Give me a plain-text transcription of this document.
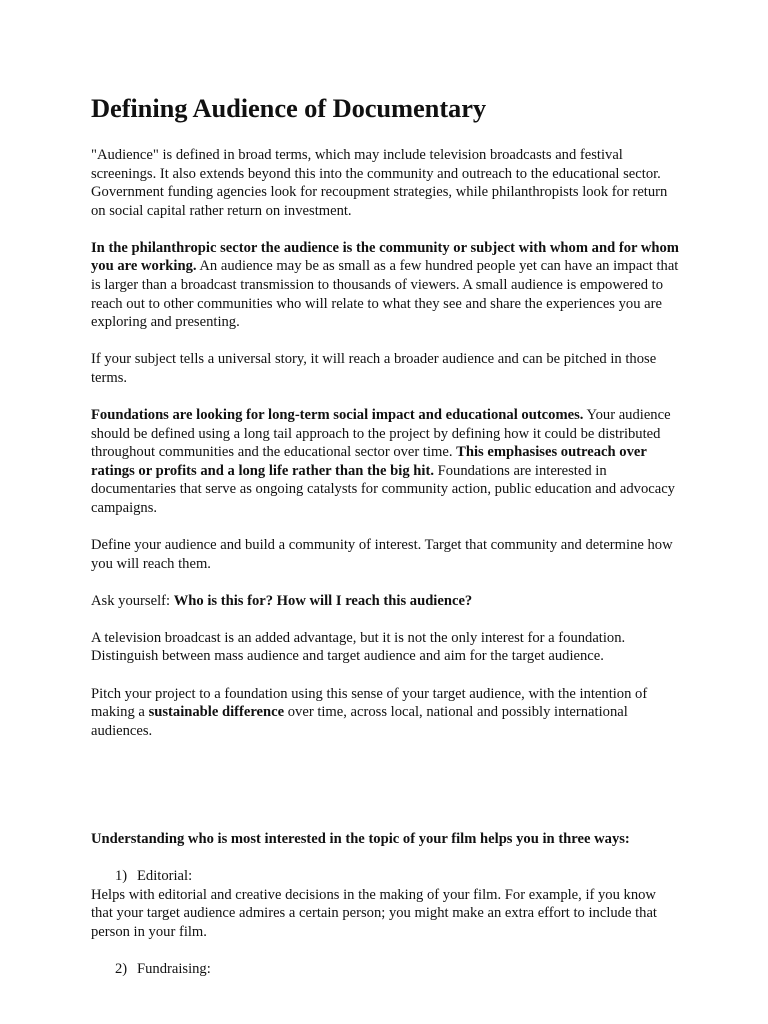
Defining Audience of Documentary

"Audience" is defined in broad terms, which may include television broadcasts and festival screenings. It also extends beyond this into the community and outreach to the educational sector. Government funding agencies look for recoupment strategies, while philanthropists look for return on social capital rather return on investment.

In the philanthropic sector the audience is the community or subject with whom and for whom you are working. An audience may be as small as a few hundred people yet can have an impact that is larger than a broadcast transmission to thousands of viewers. A small audience is empowered to reach out to other communities who will relate to what they see and share the experiences you are exploring and presenting.

If your subject tells a universal story, it will reach a broader audience and can be pitched in those terms.

Foundations are looking for long-term social impact and educational outcomes. Your audience should be defined using a long tail approach to the project by defining how it could be distributed throughout communities and the educational sector over time. This emphasises outreach over ratings or profits and a long life rather than the big hit. Foundations are interested in documentaries that serve as ongoing catalysts for community action, public education and advocacy campaigns.

Define your audience and build a community of interest. Target that community and determine how you will reach them.

Ask yourself: Who is this for? How will I reach this audience?

A television broadcast is an added advantage, but it is not the only interest for a foundation. Distinguish between mass audience and target audience and aim for the target audience.

Pitch your project to a foundation using this sense of your target audience, with the intention of making a sustainable difference over time, across local, national and possibly international audiences.

Understanding who is most interested in the topic of your film helps you in three ways:

1) Editorial:

Helps with editorial and creative decisions in the making of your film. For example, if you know that your target audience admires a certain person; you might make an extra effort to include that person in your film.

2) Fundraising:
